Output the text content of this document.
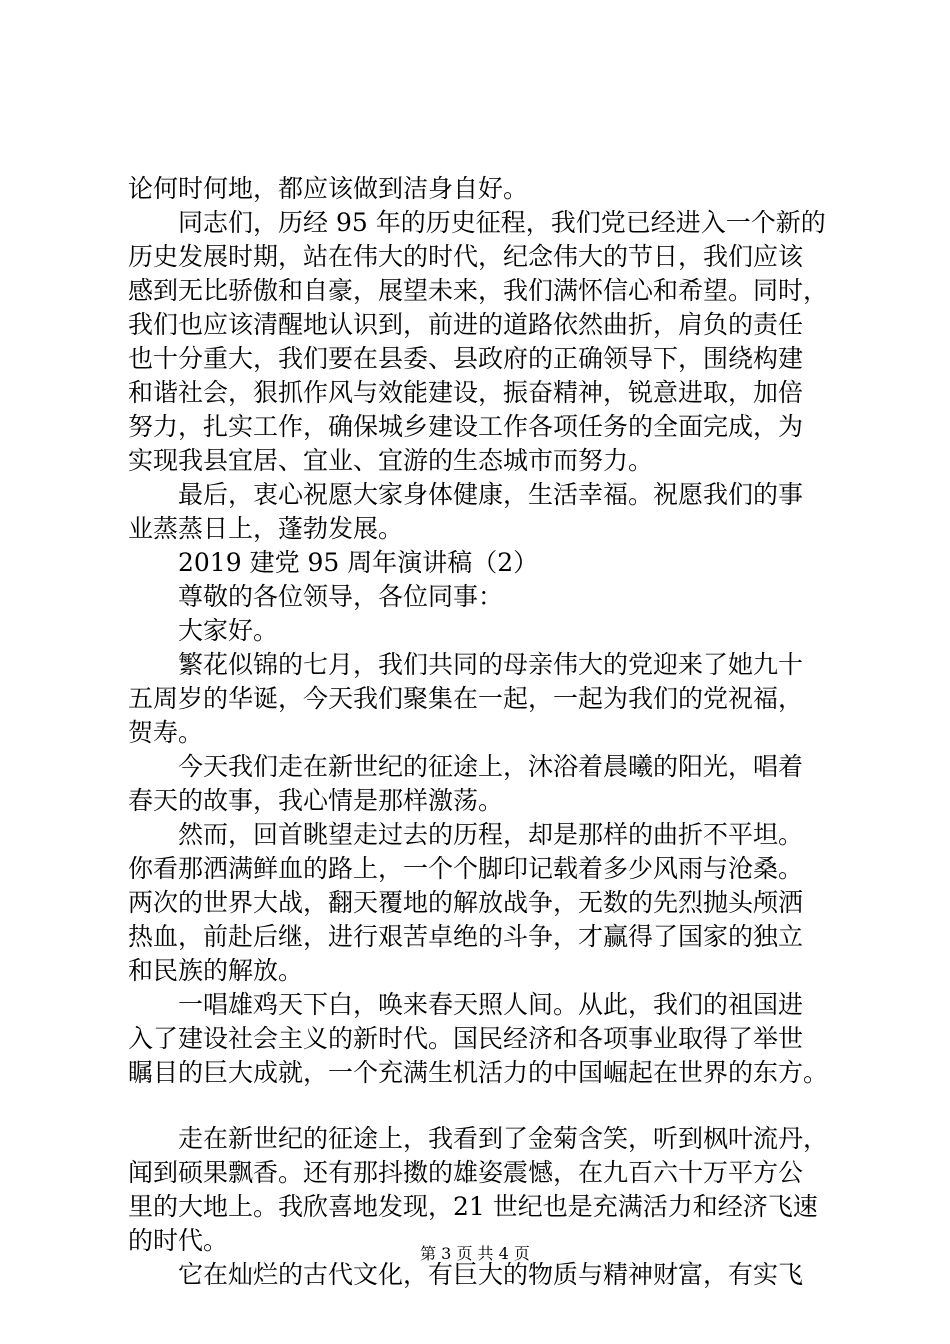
论何时何地，都应该做到洁身自好。

同志们，历经 95 年的历史征程，我们党已经进入一个新的

历史发展时期，站在伟大的时代，纪念伟大的节日，我们应该

感到无比骄傲和自豪，展望未来，我们满怀信心和希望。同时，

我们也应该清醒地认识到，前进的道路依然曲折，肩负的责任

也十分重大，我们要在县委、县政府的正确领导下，围绕构建

和谐社会，狠抓作风与效能建设，振奋精神，锐意进取，加倍

努力，扎实工作，确保城乡建设工作各项任务的全面完成，为

实现我县宜居、宜业、宜游的生态城市而努力。

最后，衷心祝愿大家身体健康，生活幸福。祝愿我们的事

业蒸蒸日上，蓬勃发展。

2019 建党 95 周年演讲稿（2）

尊敬的各位领导，各位同事：

大家好。

繁花似锦的七月，我们共同的母亲伟大的党迎来了她九十

五周岁的华诞，今天我们聚集在一起，一起为我们的党祝福，

贺寿。

今天我们走在新世纪的征途上，沐浴着晨曦的阳光，唱着

春天的故事，我心情是那样激荡。

然而，回首眺望走过去的历程，却是那样的曲折不平坦。

你看那洒满鲜血的路上，一个个脚印记载着多少风雨与沧桑。

两次的世界大战，翻天覆地的解放战争，无数的先烈抛头颅洒

热血，前赴后继，进行艰苦卓绝的斗争，才赢得了国家的独立

和民族的解放。

一唱雄鸡天下白，唤来春天照人间。从此，我们的祖国进

入了建设社会主义的新时代。国民经济和各项事业取得了举世

瞩目的巨大成就，一个充满生机活力的中国崛起在世界的东方。

走在新世纪的征途上，我看到了金菊含笑，听到枫叶流丹，

闻到硕果飘香。还有那抖擞的雄姿震憾，在九百六十万平方公

里的大地上。我欣喜地发现，21 世纪也是充满活力和经济飞速

的时代。

它在灿烂的古代文化，有巨大的物质与精神财富，有实飞

第 3 页 共 4 页
